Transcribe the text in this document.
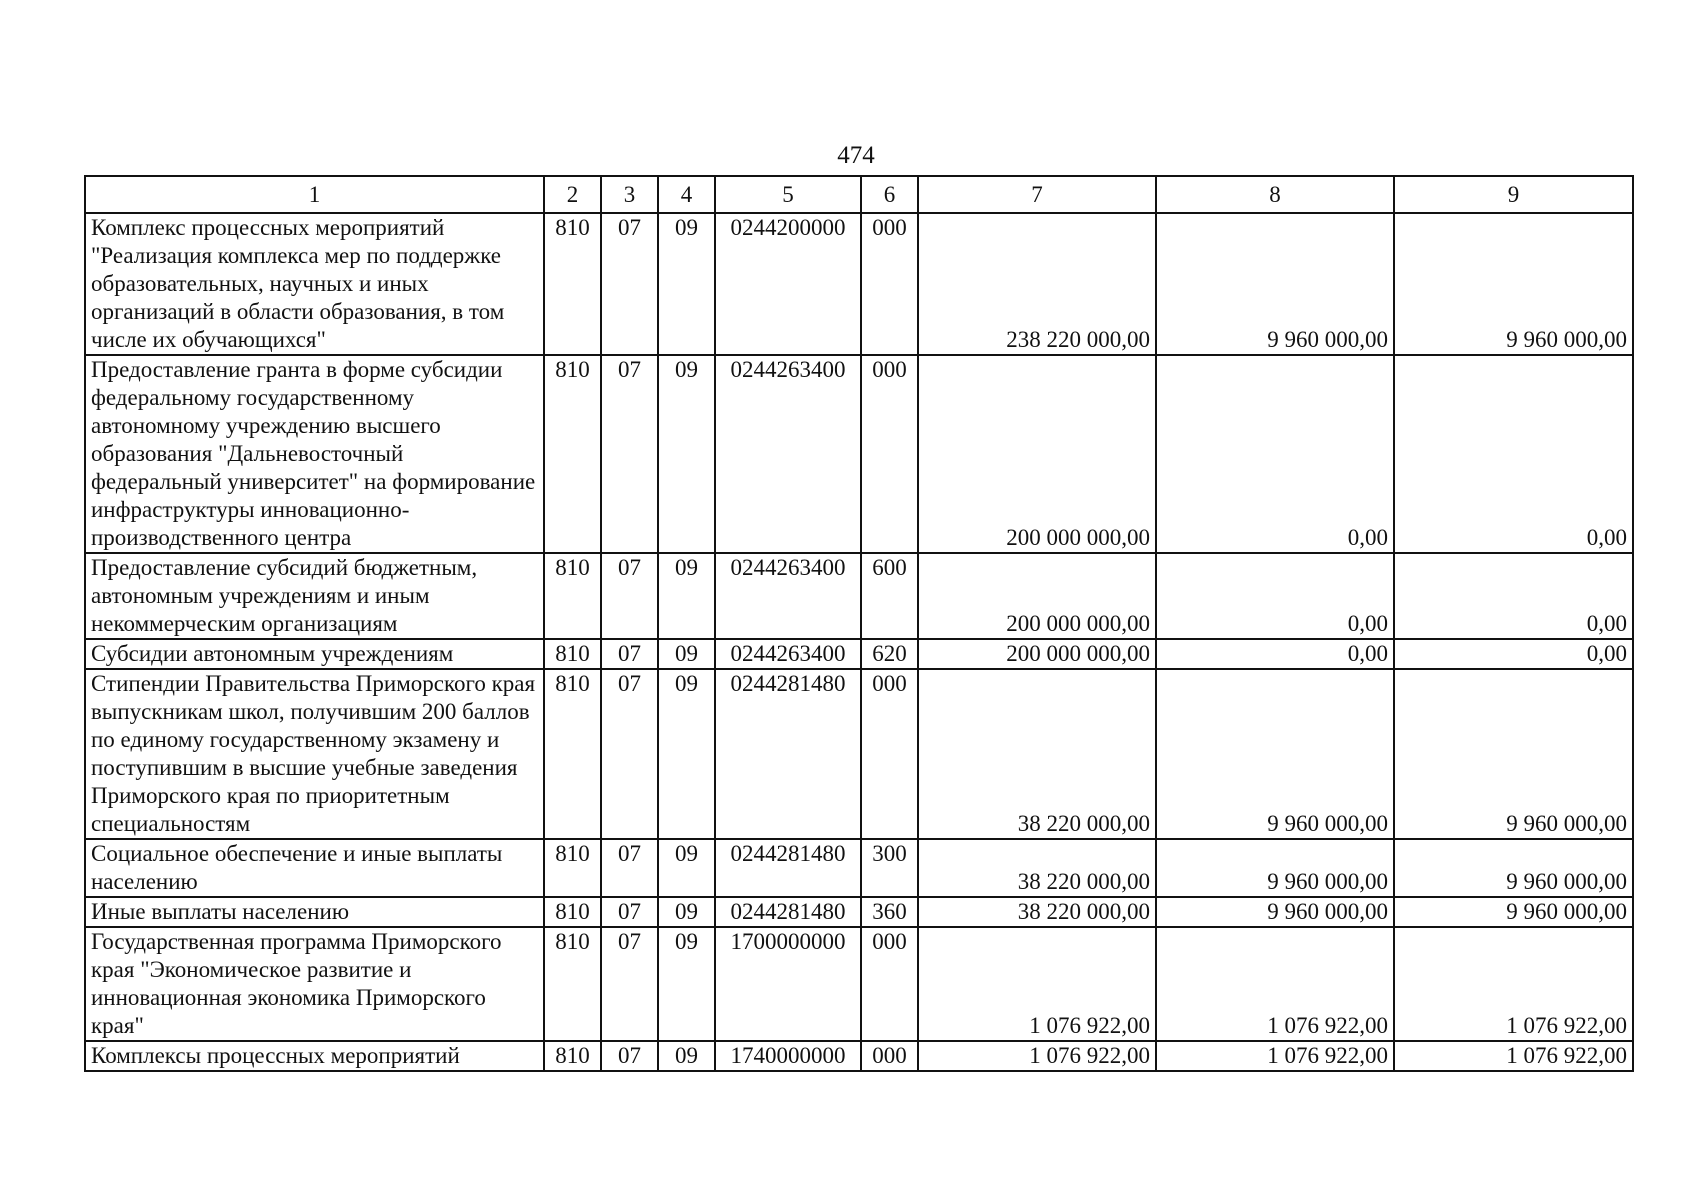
474
1	2	3	4	5	6	7	8	9
Комплекс процессных мероприятий "Реализация комплекса мер по поддержке образовательных, научных и иных организаций в области образования, в том числе их обучающихся"	810	07	09	0244200000	000	238 220 000,00	9 960 000,00	9 960 000,00
Предоставление гранта в форме субсидии федеральному государственному автономному учреждению высшего образования "Дальневосточный федеральный университет" на формирование инфраструктуры инновационно-производственного центра	810	07	09	0244263400	000	200 000 000,00	0,00	0,00
Предоставление субсидий бюджетным, автономным учреждениям и иным некоммерческим организациям	810	07	09	0244263400	600	200 000 000,00	0,00	0,00
Субсидии автономным учреждениям	810	07	09	0244263400	620	200 000 000,00	0,00	0,00
Стипендии Правительства Приморского края выпускникам школ, получившим 200 баллов по единому государственному экзамену и поступившим в высшие учебные заведения Приморского края по приоритетным специальностям	810	07	09	0244281480	000	38 220 000,00	9 960 000,00	9 960 000,00
Социальное обеспечение и иные выплаты населению	810	07	09	0244281480	300	38 220 000,00	9 960 000,00	9 960 000,00
Иные выплаты населению	810	07	09	0244281480	360	38 220 000,00	9 960 000,00	9 960 000,00
Государственная программа Приморского края "Экономическое развитие и инновационная экономика Приморского края"	810	07	09	1700000000	000	1 076 922,00	1 076 922,00	1 076 922,00
Комплексы процессных мероприятий	810	07	09	1740000000	000	1 076 922,00	1 076 922,00	1 076 922,00
